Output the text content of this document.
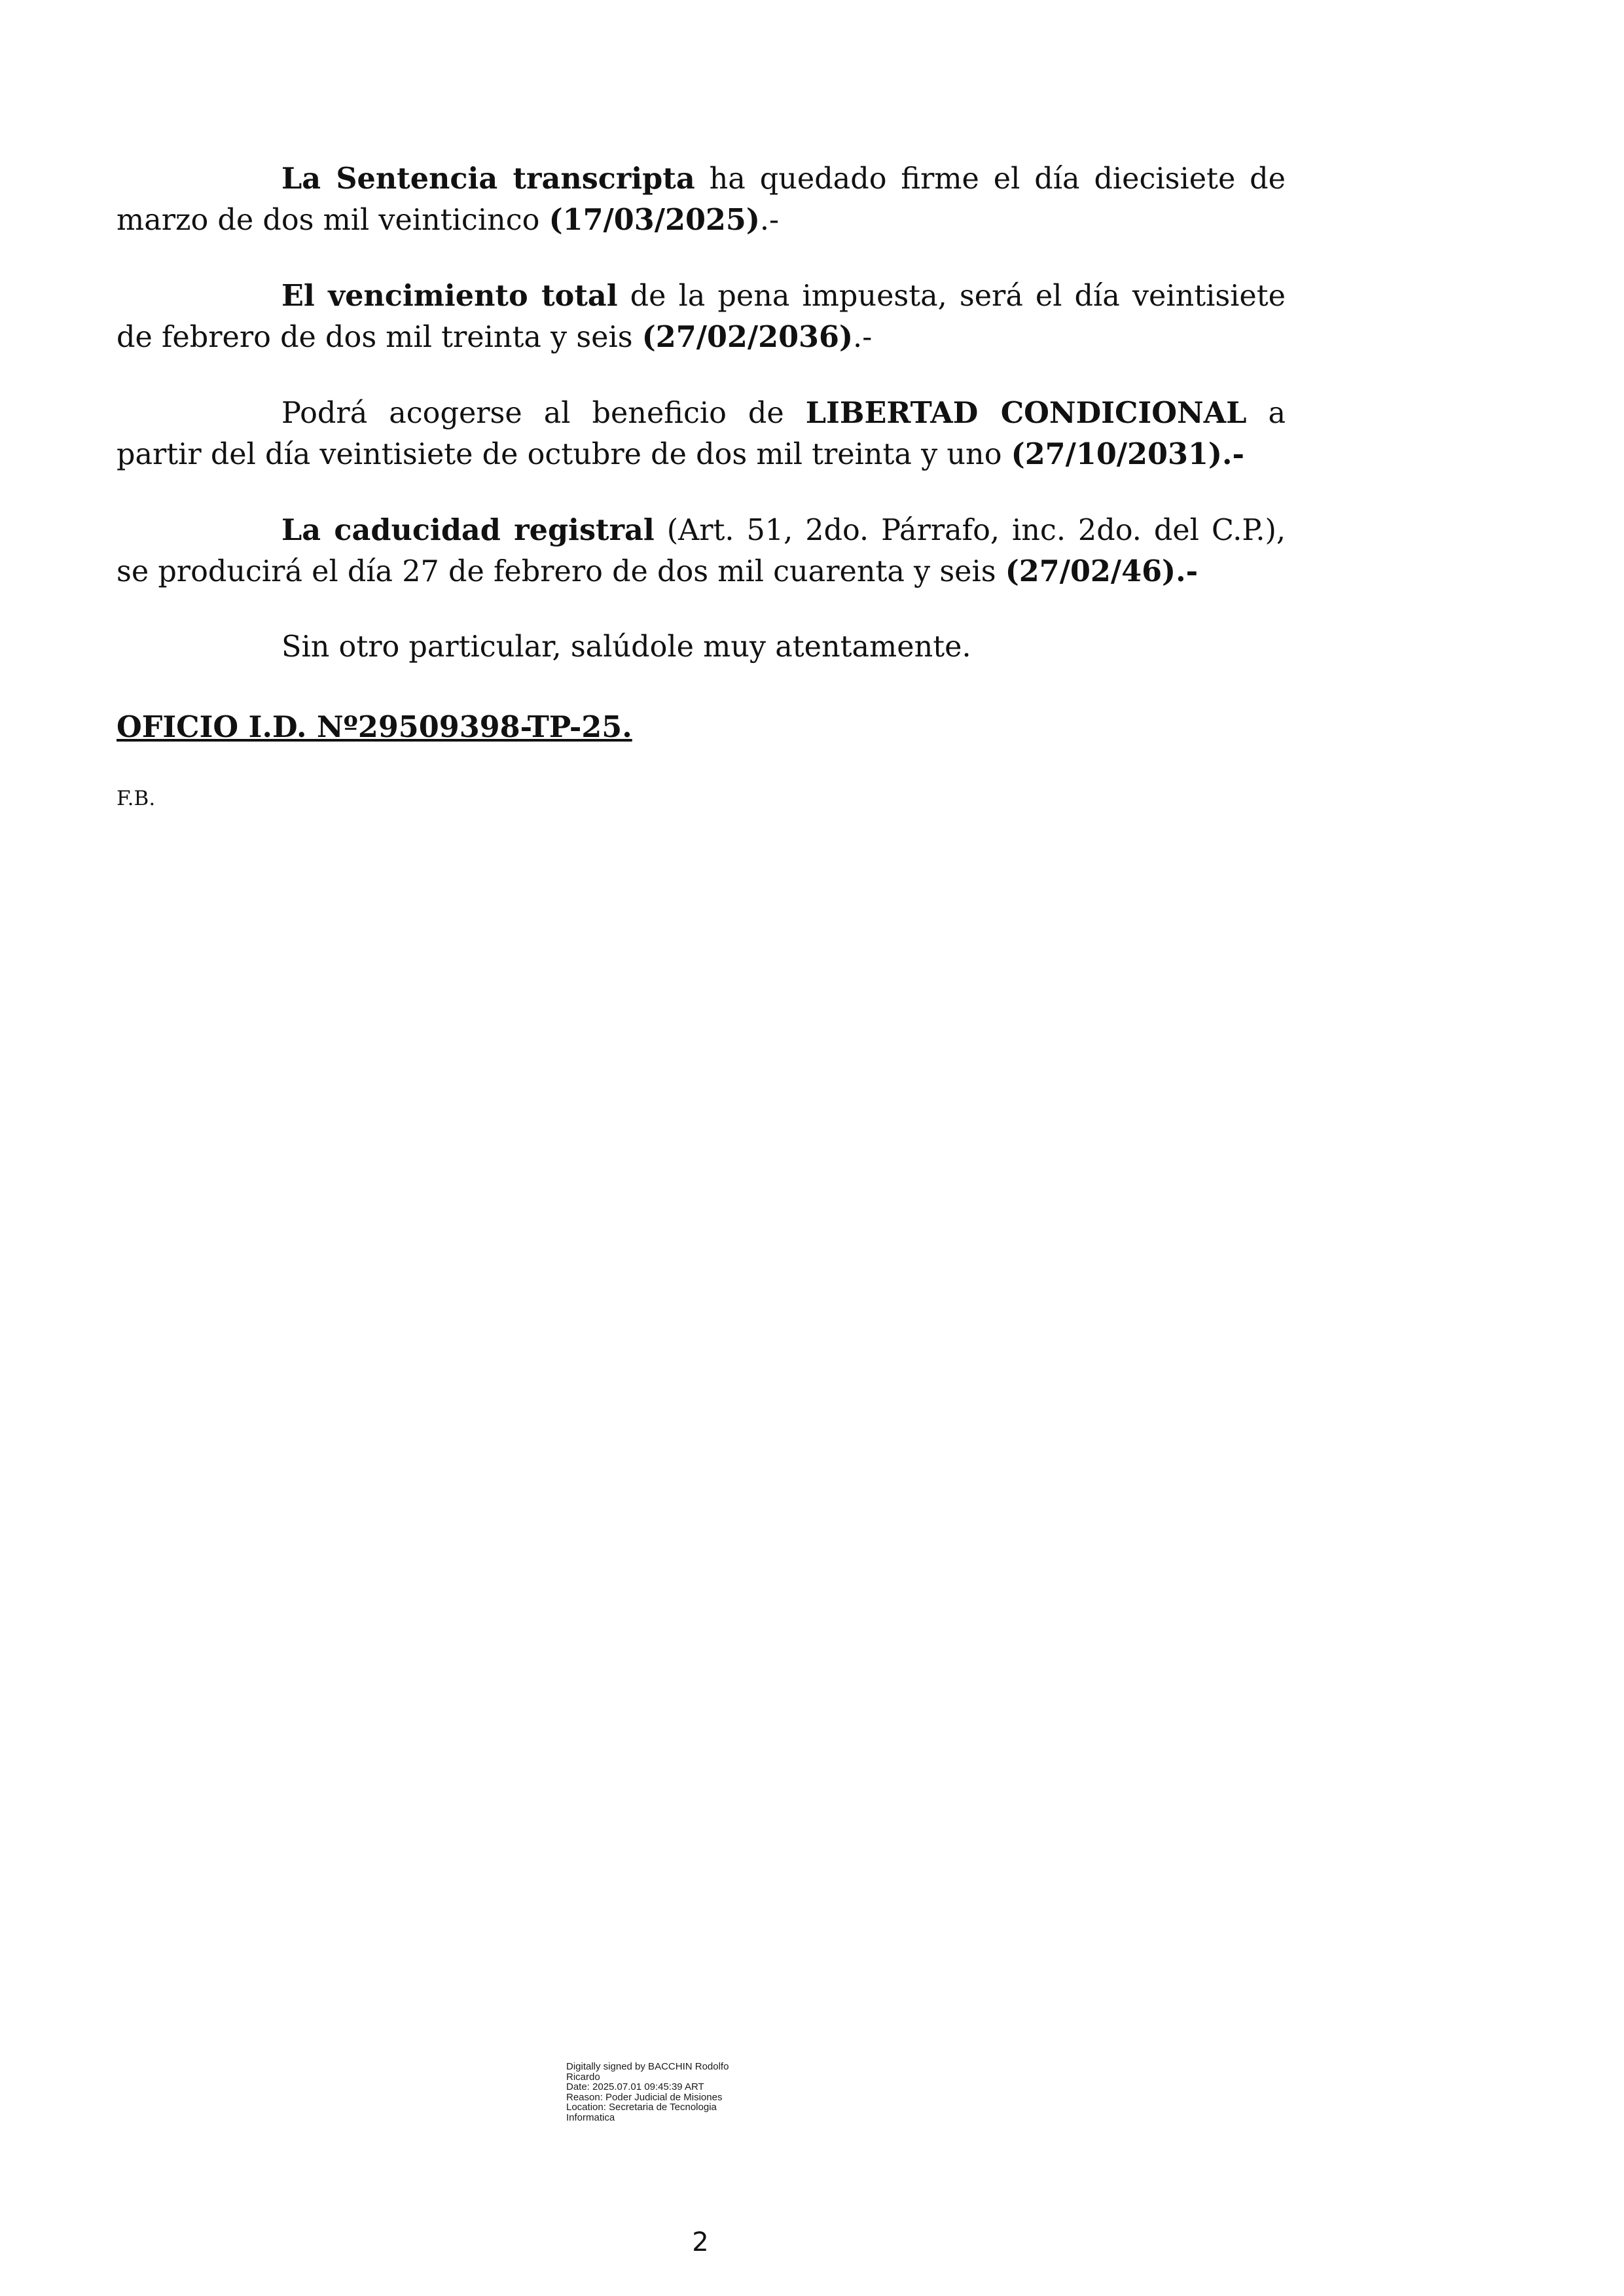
La Sentencia transcripta ha quedado firme el día diecisiete de marzo de dos mil veinticinco (17/03/2025).-

El vencimiento total de la pena impuesta, será el día veintisiete de febrero de dos mil treinta y seis (27/02/2036).-

Podrá acogerse al beneficio de LIBERTAD CONDICIONAL a partir del día veintisiete de octubre de dos mil treinta y uno (27/10/2031).-

La caducidad registral (Art. 51, 2do. Párrafo, inc. 2do. del C.P.), se producirá el día 27 de febrero de dos mil cuarenta y seis (27/02/46).-

Sin otro particular, salúdole muy atentamente.

OFICIO I.D. Nº29509398-TP-25.
F.B.
Digitally signed by BACCHIN Rodolfo
Ricardo
Date: 2025.07.01 09:45:39 ART
Reason: Poder Judicial de Misiones
Location: Secretaria de Tecnologia
Informatica
2
